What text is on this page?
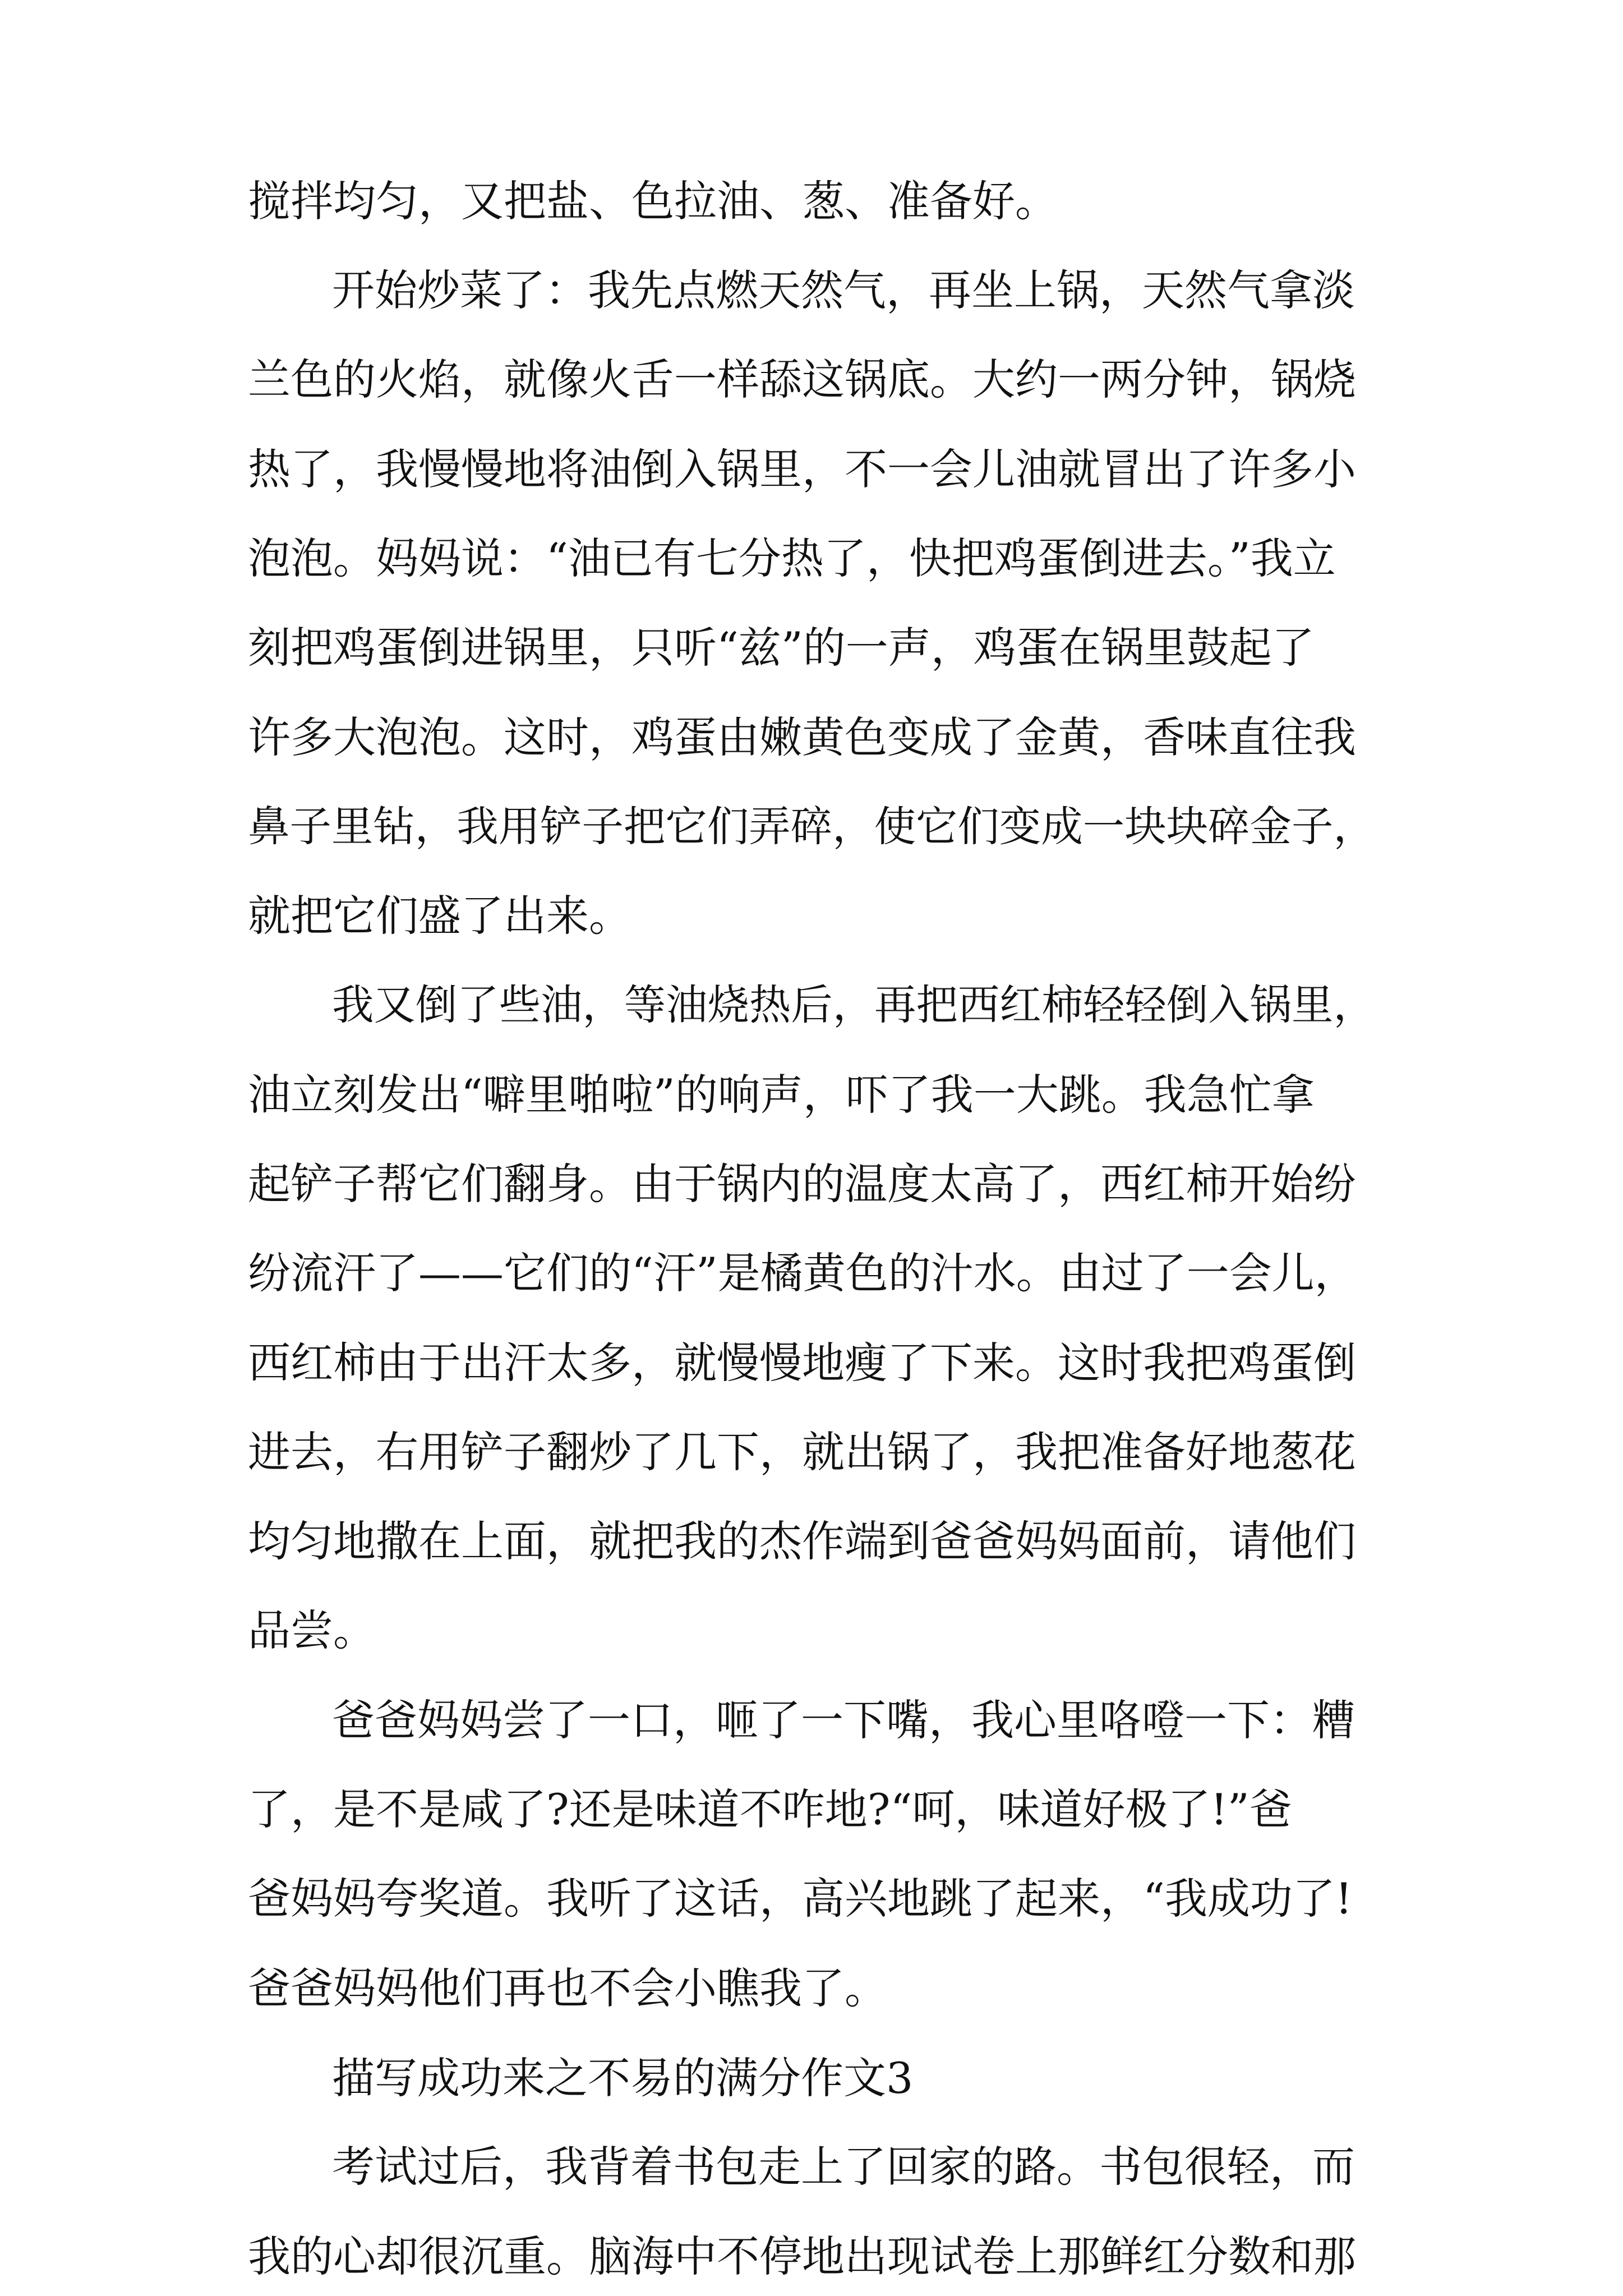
搅拌均匀，又把盐、色拉油、葱、准备好。

开始炒菜了：我先点燃天然气，再坐上锅，天然气拿淡

兰色的火焰，就像火舌一样舔这锅底。大约一两分钟，锅烧

热了，我慢慢地将油倒入锅里，不一会儿油就冒出了许多小

泡泡。妈妈说：“油已有七分热了，快把鸡蛋倒进去。”我立

刻把鸡蛋倒进锅里，只听“兹”的一声，鸡蛋在锅里鼓起了

许多大泡泡。这时，鸡蛋由嫩黄色变成了金黄，香味直往我

鼻子里钻，我用铲子把它们弄碎，使它们变成一块块碎金子，

就把它们盛了出来。

我又倒了些油，等油烧热后，再把西红柿轻轻倒入锅里，

油立刻发出“噼里啪啦”的响声，吓了我一大跳。我急忙拿

起铲子帮它们翻身。由于锅内的温度太高了，西红柿开始纷

纷流汗了——它们的“汗”是橘黄色的汁水。由过了一会儿，

西红柿由于出汗太多，就慢慢地瘦了下来。这时我把鸡蛋倒

进去，右用铲子翻炒了几下，就出锅了，我把准备好地葱花

均匀地撒在上面，就把我的杰作端到爸爸妈妈面前，请他们

品尝。

爸爸妈妈尝了一口，咂了一下嘴，我心里咯噔一下：糟

了，是不是咸了?还是味道不咋地?“呵，味道好极了!”爸

爸妈妈夸奖道。我听了这话，高兴地跳了起来，“我成功了!

爸爸妈妈他们再也不会小瞧我了。

描写成功来之不易的满分作文3

考试过后，我背着书包走上了回家的路。书包很轻，而

我的心却很沉重。脑海中不停地出现试卷上那鲜红分数和那
